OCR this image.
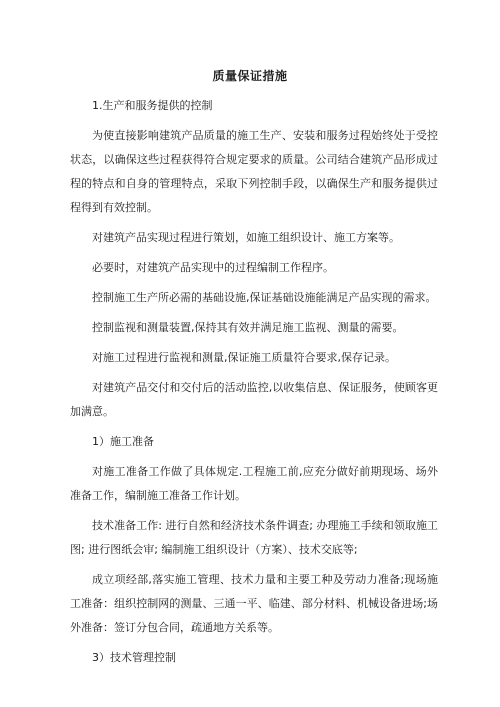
质量保证措施
1.生产和服务提供的控制

为使直接影响建筑产品质量的施工生产、安装和服务过程始终处于受控状态，以确保这些过程获得符合规定要求的质量。公司结合建筑产品形成过程的特点和自身的管理特点，采取下列控制手段，以确保生产和服务提供过程得到有效控制。

对建筑产品实现过程进行策划，如施工组织设计、施工方案等。

必要时，对建筑产品实现中的过程编制工作程序。

控制施工生产所必需的基础设施,保证基础设施能满足产品实现的需求。

控制监视和测量装置,保持其有效并满足施工监视、测量的需要。

对施工过程进行监视和测量,保证施工质量符合要求,保存记录。

对建筑产品交付和交付后的活动监控,以收集信息、保证服务，使顾客更加满意。

1）施工准备

对施工准备工作做了具体规定.工程施工前,应充分做好前期现场、场外准备工作，编制施工准备工作计划。

技术准备工作: 进行自然和经济技术条件调查; 办理施工手续和领取施工图; 进行图纸会审; 编制施工组织设计（方案）、技术交底等;

成立项经部,落实施工管理、技术力量和主要工种及劳动力准备;现场施工准备：组织控制网的测量、三通一平、临建、部分材料、机械设备进场;场外准备：签订分包合同，疏通地方关系等。

3）技术管理控制
